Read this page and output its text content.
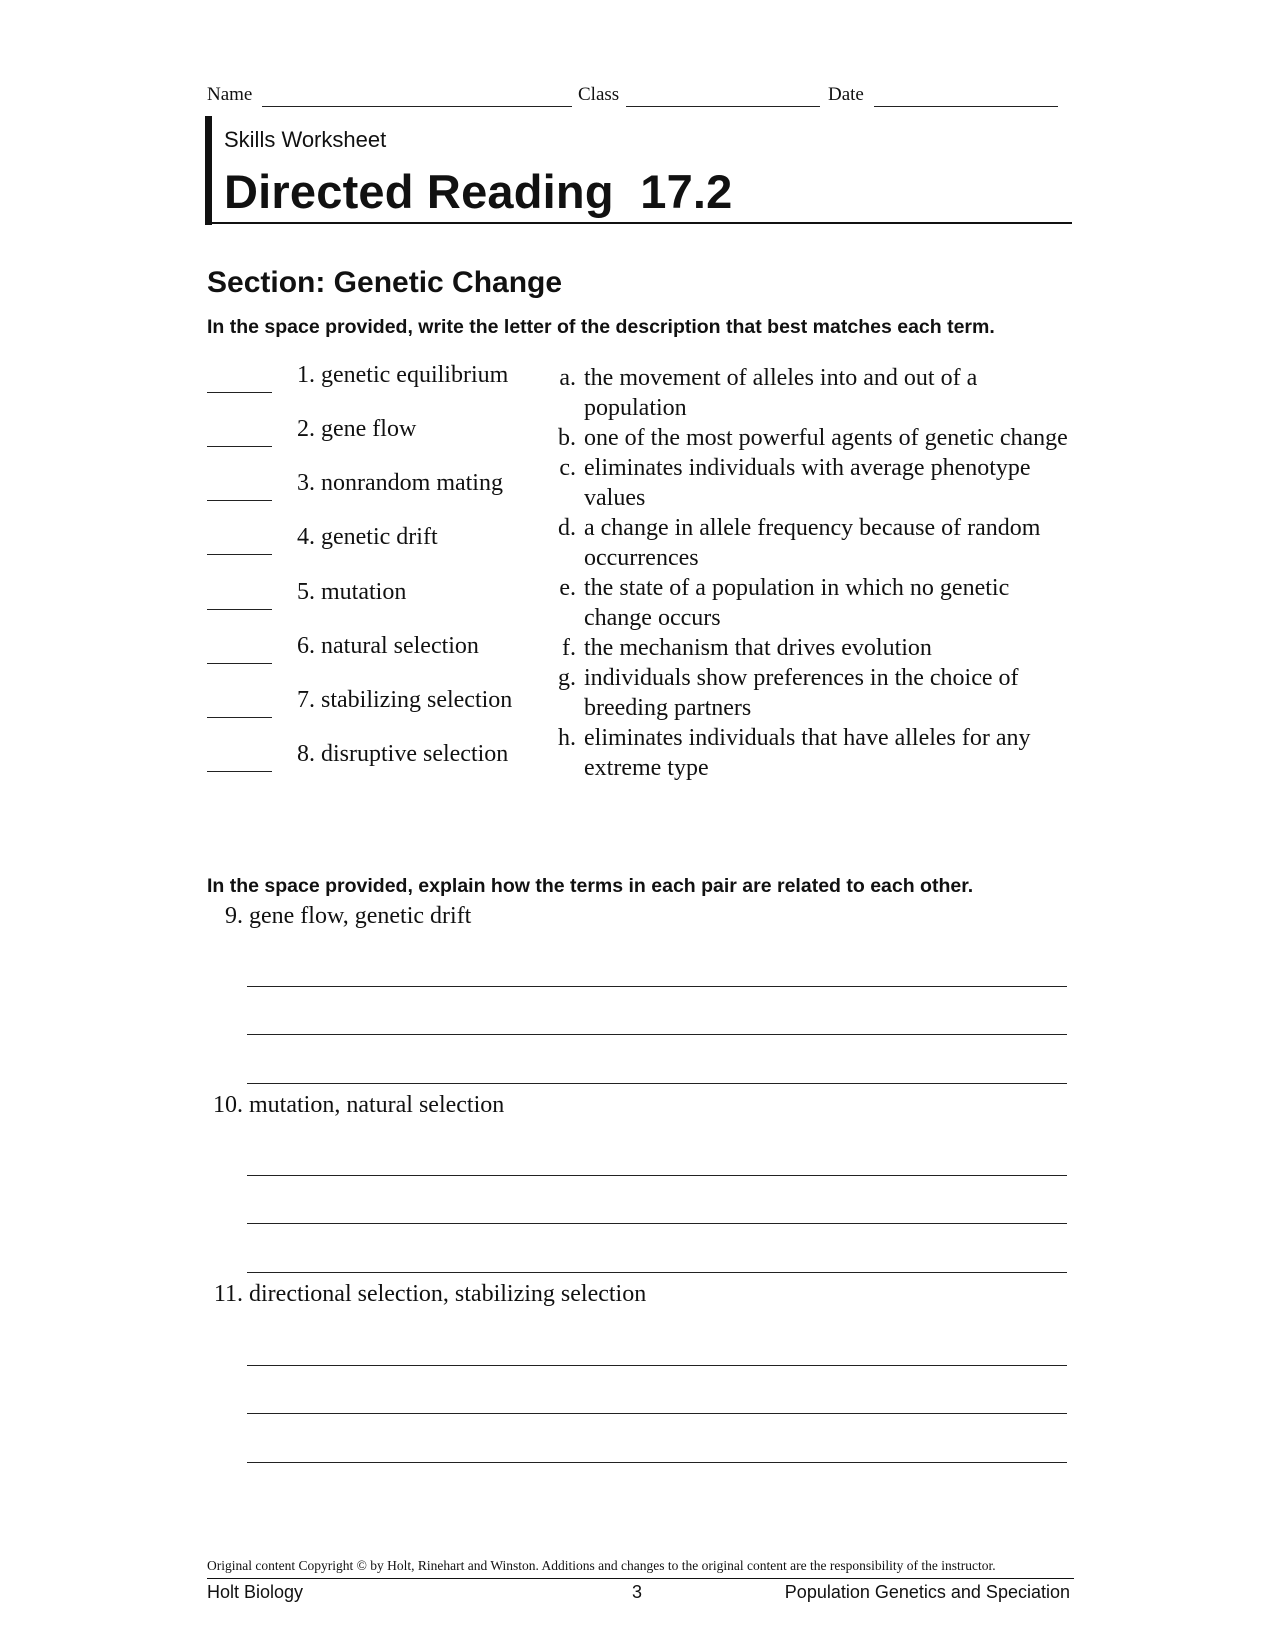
Name	Class	Date
Skills Worksheet
Directed Reading  17.2
Section: Genetic Change
In the space provided, write the letter of the description that best matches each term.
1. genetic equilibrium
2. gene flow
3. nonrandom mating
4. genetic drift
5. mutation
6. natural selection
7. stabilizing selection
8. disruptive selection
a. the movement of alleles into and out of a population
b. one of the most powerful agents of genetic change
c. eliminates individuals with average phenotype values
d. a change in allele frequency because of random occurrences
e. the state of a population in which no genetic change occurs
f. the mechanism that drives evolution
g. individuals show preferences in the choice of breeding partners
h. eliminates individuals that have alleles for any extreme type
In the space provided, explain how the terms in each pair are related to each other.
9. gene flow, genetic drift
10. mutation, natural selection
11. directional selection, stabilizing selection
Original content Copyright © by Holt, Rinehart and Winston. Additions and changes to the original content are the responsibility of the instructor.
Holt Biology	3	Population Genetics and Speciation
